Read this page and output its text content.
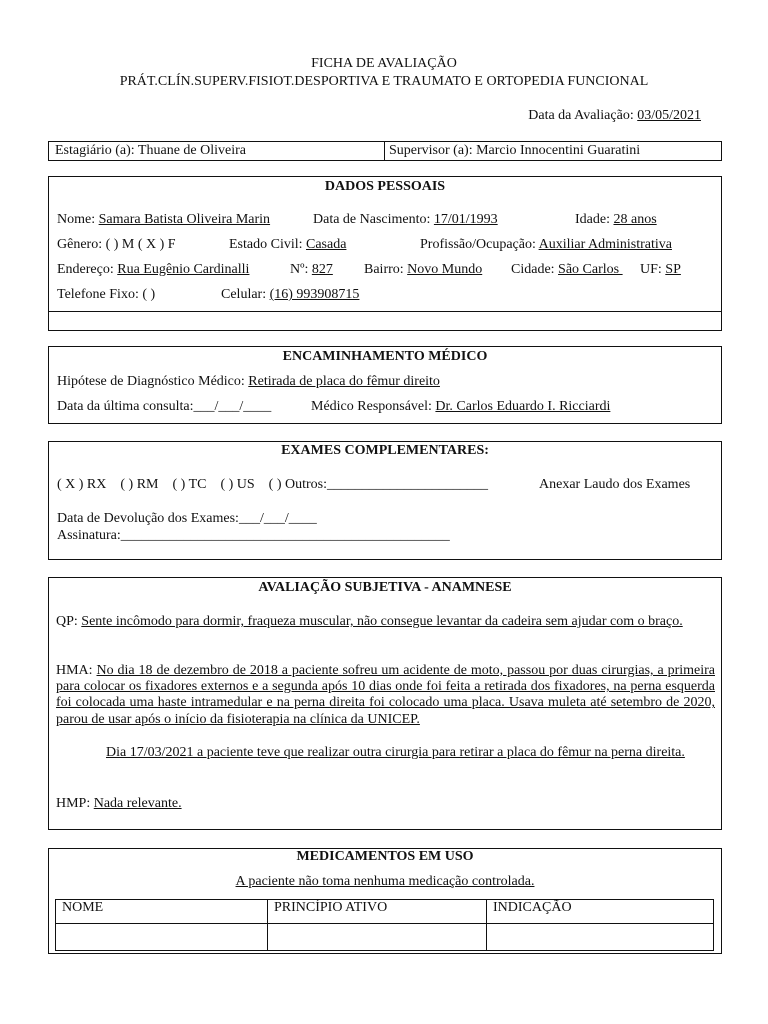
FICHA DE AVALIAÇÃO
PRÁT.CLÍN.SUPERV.FISIOT.DESPORTIVA E TRAUMATO E ORTOPEDIA FUNCIONAL
Data da Avaliação: 03/05/2021
Estagiário (a): Thuane de Oliveira	Supervisor (a): Marcio Innocentini Guaratini
DADOS PESSOAIS
Nome: Samara Batista Oliveira Marin	Data de Nascimento: 17/01/1993	Idade: 28 anos
Gênero: ( ) M ( X ) F	Estado Civil: Casada	Profissão/Ocupação: Auxiliar Administrativa
Endereço: Rua Eugênio Cardinalli	Nº: 827 Bairro: Novo Mundo Cidade: São Carlos UF: SP
Telefone Fixo: ( )	Celular: (16) 993908715
ENCAMINHAMENTO MÉDICO
Hipótese de Diagnóstico Médico: Retirada de placa do fêmur direito
Data da última consulta:___/___/____	Médico Responsável: Dr. Carlos Eduardo I. Ricciardi
EXAMES COMPLEMENTARES:
( X ) RX    ( ) RM    ( ) TC    ( ) US    ( ) Outros:_______________________	Anexar Laudo dos Exames
Data de Devolução dos Exames:___/___/____
Assinatura:_______________________________________________
AVALIAÇÃO SUBJETIVA - ANAMNESE
QP: Sente incômodo para dormir, fraqueza muscular, não consegue levantar da cadeira sem ajudar com o braço.
HMA: No dia 18 de dezembro de 2018 a paciente sofreu um acidente de moto, passou por duas cirurgias, a primeira para colocar os fixadores externos e a segunda após 10 dias onde foi feita a retirada dos fixadores, na perna esquerda foi colocada uma haste intramedular e na perna direita foi colocado uma placa. Usava muleta até setembro de 2020, parou de usar após o início da fisioterapia na clínica da UNICEP.
Dia 17/03/2021 a paciente teve que realizar outra cirurgia para retirar a placa do fêmur na perna direita.
HMP: Nada relevante.
MEDICAMENTOS EM USO
A paciente não toma nenhuma medicação controlada.
NOME	PRINCÍPIO ATIVO	INDICAÇÃO
